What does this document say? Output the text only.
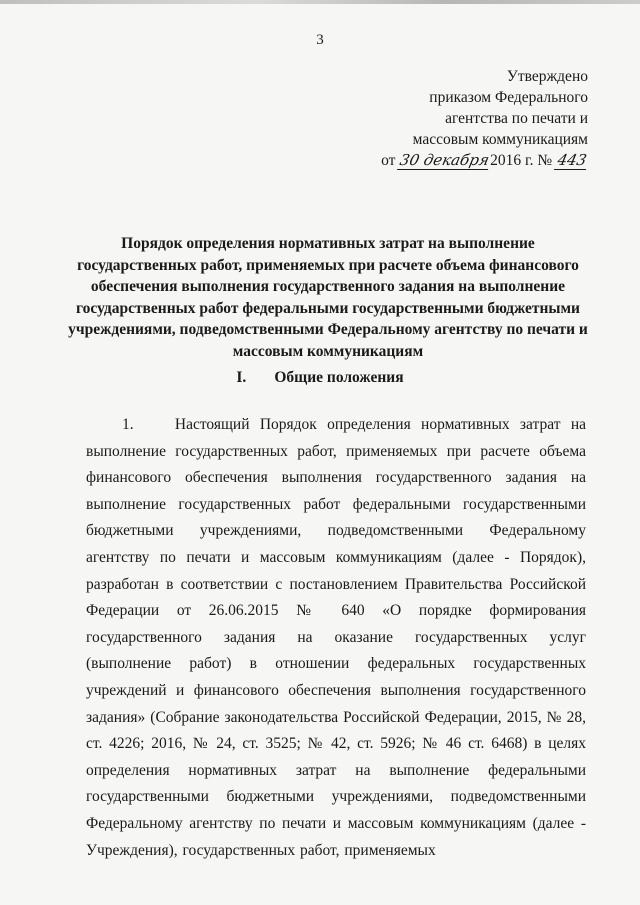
3
Утверждено
приказом Федерального
агентства по печати и
массовым коммуникациям
от 30 декабря2016 г. № 443
Порядок определения нормативных затрат на выполнение государственных работ, применяемых при расчете объема финансового обеспечения выполнения государственного задания на выполнение государственных работ федеральными государственными бюджетными учреждениями, подведомственными Федеральному агентству по печати и массовым коммуникациям
I. Общие положения
1.    Настоящий Порядок определения нормативных затрат на выполнение государственных работ, применяемых при расчете объема финансового обеспечения выполнения государственного задания на выполнение государственных работ федеральными государственными бюджетными учреждениями, подведомственными Федеральному агентству по печати и массовым коммуникациям (далее - Порядок), разработан в соответствии с постановлением Правительства Российской Федерации от 26.06.2015 № 640 «О порядке формирования государственного задания на оказание государственных услуг (выполнение работ) в отношении федеральных государственных учреждений и финансового обеспечения выполнения государственного задания» (Собрание законодательства Российской Федерации, 2015, № 28, ст. 4226; 2016, № 24, ст. 3525; № 42, ст. 5926; № 46 ст. 6468) в целях определения нормативных затрат на выполнение федеральными государственными бюджетными учреждениями, подведомственными Федеральному агентству по печати и массовым коммуникациям (далее - Учреждения), государственных работ, применяемых
